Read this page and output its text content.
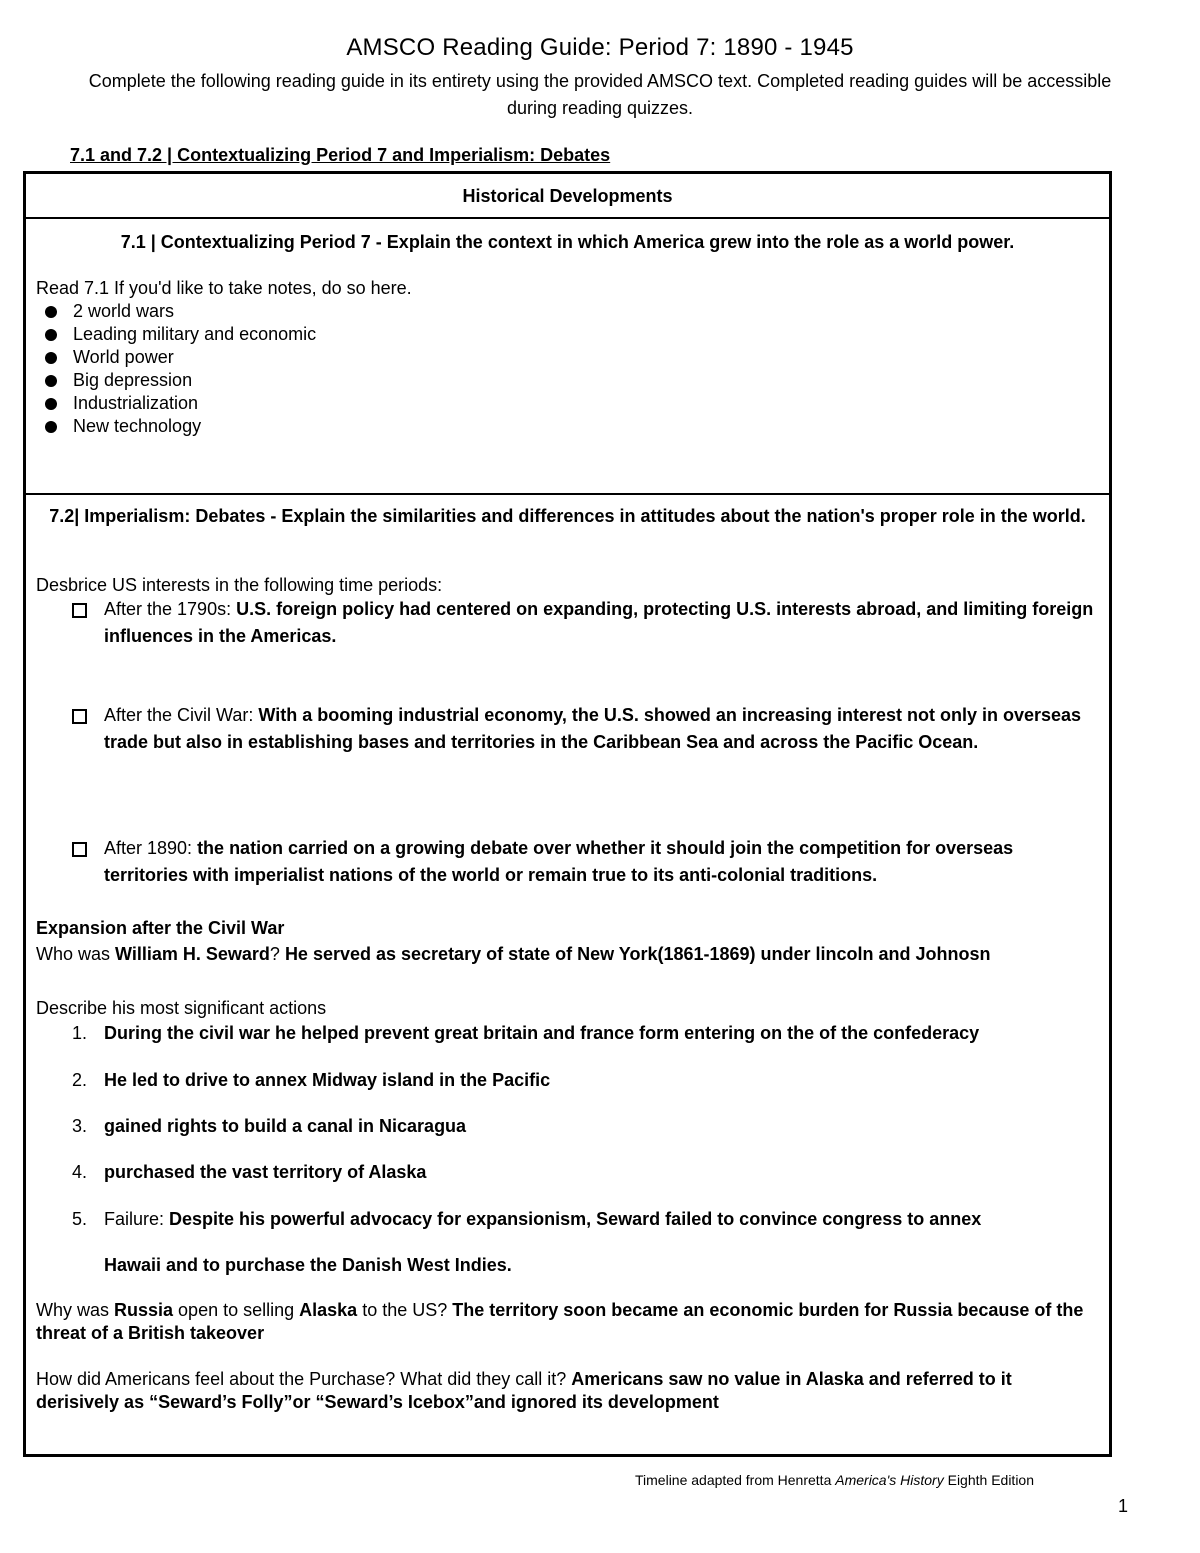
AMSCO Reading Guide: Period 7: 1890 - 1945
Complete the following reading guide in its entirety using the provided AMSCO text. Completed reading guides will be accessible during reading quizzes.
7.1 and 7.2 | Contextualizing Period 7 and Imperialism: Debates
Historical Developments
7.1 | Contextualizing Period 7 - Explain the context in which America grew into the role as a world power.
Read 7.1 If you'd like to take notes, do so here.
2 world wars
Leading military and economic
World power
Big depression
Industrialization
New technology
7.2| Imperialism: Debates - Explain the similarities and differences in attitudes about the nation's proper role in the world.
Desbrice US interests in the following time periods:
After the 1790s: U.S. foreign policy had centered on expanding, protecting U.S. interests abroad, and limiting foreign influences in the Americas.
After the Civil War: With a booming industrial economy, the U.S. showed an increasing interest not only in overseas trade but also in establishing bases and territories in the Caribbean Sea and across the Pacific Ocean.
After 1890: the nation carried on a growing debate over whether it should join the competition for overseas territories with imperialist nations of the world or remain true to its anti-colonial traditions.
Expansion after the Civil War
Who was William H. Seward? He served as secretary of state of New York(1861-1869) under lincoln and Johnosn
Describe his most significant actions
1. During the civil war he helped prevent great britain and france form entering on the of the confederacy
2. He led to drive to annex Midway island in the Pacific
3. gained rights to build a canal in Nicaragua
4. purchased the vast territory of Alaska
5. Failure: Despite his powerful advocacy for expansionism, Seward failed to convince congress to annex
Hawaii and to purchase the Danish West Indies.
Why was Russia open to selling Alaska to the US? The territory soon became an economic burden for Russia because of the threat of a British takeover
How did Americans feel about the Purchase? What did they call it? Americans saw no value in Alaska and referred to it derisively as “Seward’s Folly”or “Seward’s Icebox”and ignored its development
Timeline adapted from Henretta America's History Eighth Edition
1
